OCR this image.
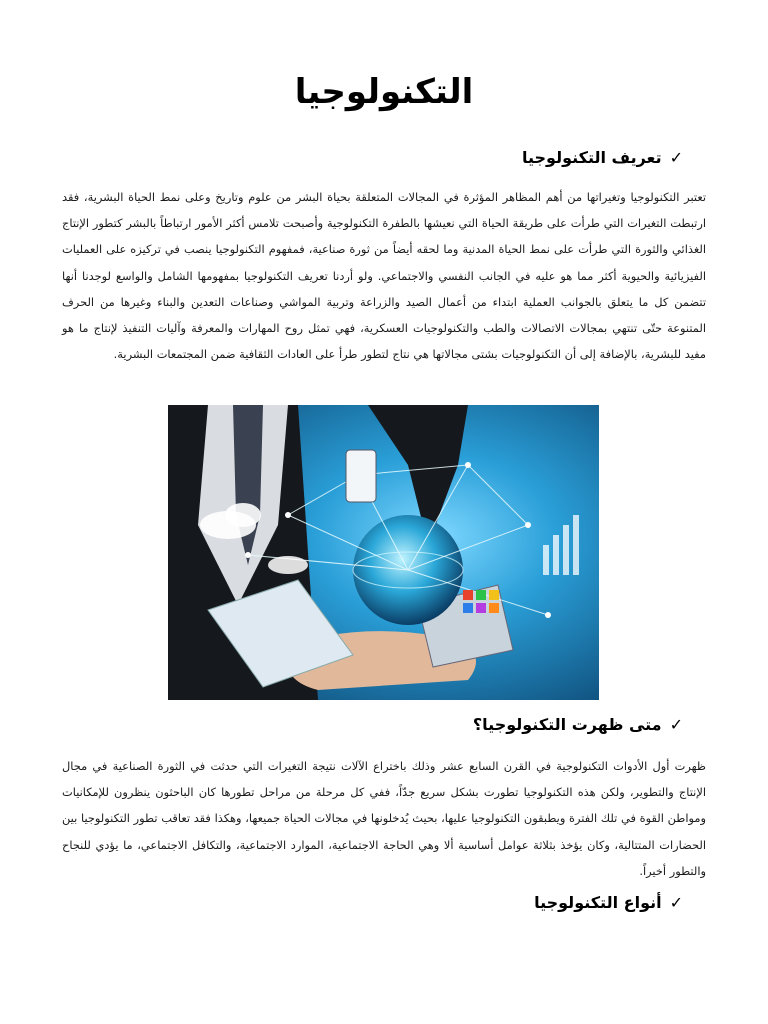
التكنولوجيا
✓تعريف التكنولوجيا

تعتبر التكنولوجيا وتغيراتها من أهم المظاهر المؤثرة في المجالات المتعلقة بحياة البشر من علوم وتاريخ وعلى نمط الحياة البشرية، فقد ارتبطت التغيرات التي طرأت على طريقة الحياة التي نعيشها بالطفرة التكنولوجية وأصبحت تلامس أكثر الأمور ارتباطاً بالبشر كتطور الإنتاج الغذائي والثورة التي طرأت على نمط الحياة المدنية وما لحقه أيضاً من ثورة صناعية، فمفهوم التكنولوجيا ينصب في تركيزه على العمليات الفيزيائية والحيوية أكثر مما هو عليه في الجانب النفسي والاجتماعي. ولو أردنا تعريف التكنولوجيا بمفهومها الشامل والواسع لوجدنا أنها تتضمن كل ما يتعلق بالجوانب العملية ابتداء من أعمال الصيد والزراعة وتربية المواشي وصناعات التعدين والبناء وغيرها من الحرف المتنوعة حتّى تنتهي بمجالات الاتصالات والطب والتكنولوجيات العسكرية، فهي تمثل روح المهارات والمعرفة وآليات التنفيذ لإنتاج ما هو مفيد للبشرية، بالإضافة إلى أن التكنولوجيات بشتى مجالاتها هي نتاج لتطور طرأ على العادات الثقافية ضمن المجتمعات البشرية.

✓متى ظهرت التكنولوجيا؟

ظهرت أول الأدوات التكنولوجية في القرن السابع عشر وذلك باختراع الآلات نتيجة التغيرات التي حدثت في الثورة الصناعية في مجال الإنتاج والتطوير، ولكن هذه التكنولوجيا تطورت بشكل سريع جدّاً، ففي كل مرحلة من مراحل تطورها كان الباحثون ينظرون للإمكانيات ومواطن القوة في تلك الفترة ويطبقون التكنولوجيا عليها، بحيث يُدخلونها في مجالات الحياة جميعها، وهكذا فقد تعاقب تطور التكنولوجيا بين الحضارات المتتالية، وكان يؤخذ بثلاثة عوامل أساسية ألا وهي الحاجة الاجتماعية، الموارد الاجتماعية، والتكافل الاجتماعي، ما يؤدي للنجاح والتطور أخيراً.

✓أنواع التكنولوجيا
